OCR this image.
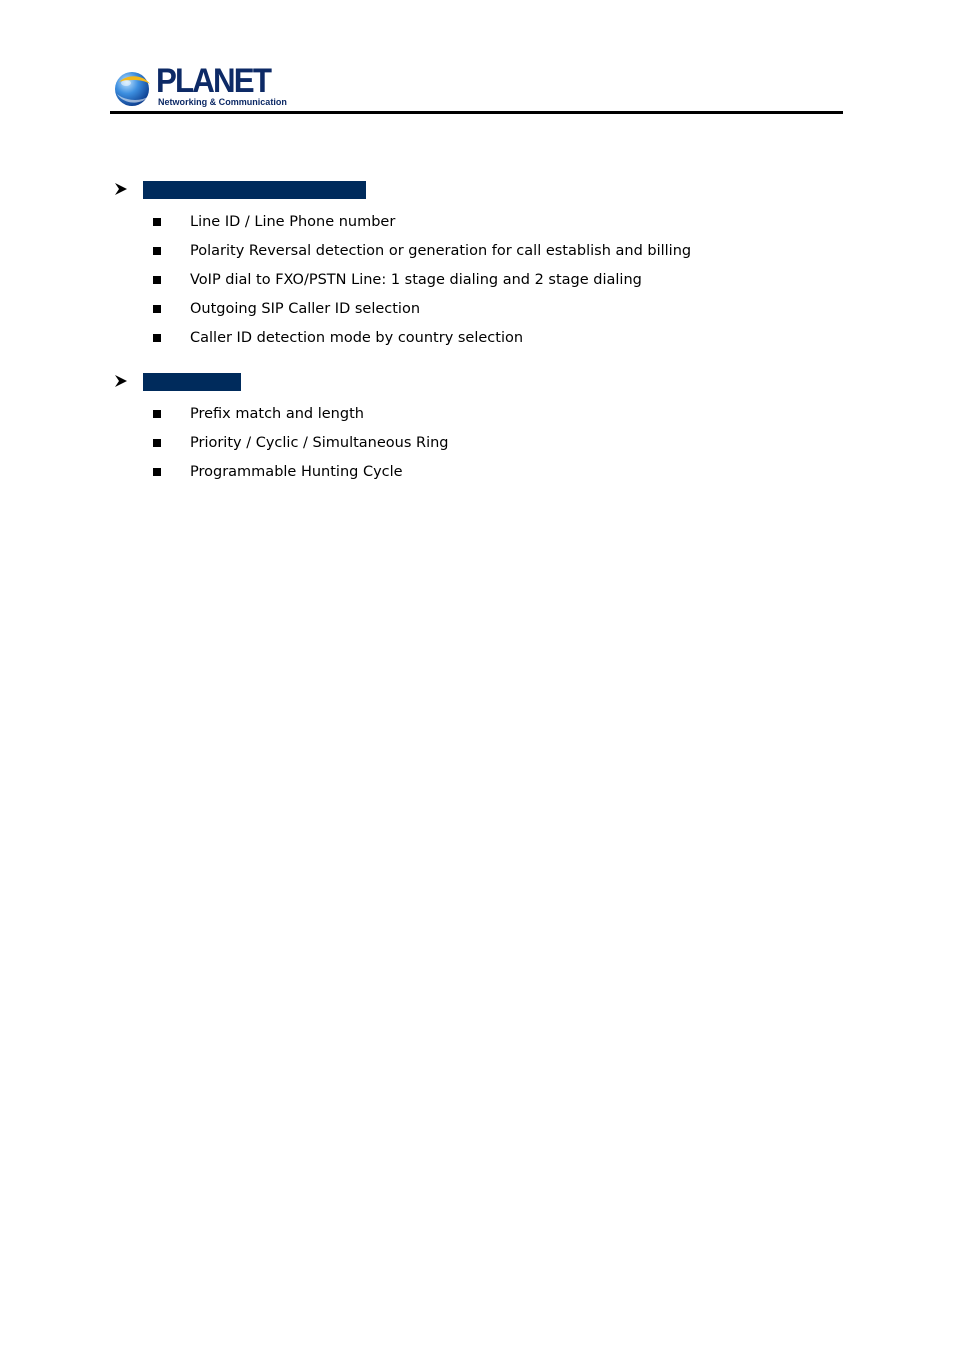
PLANET
Networking & Communication
Line ID / Line Phone number
Polarity Reversal detection or generation for call establish and billing
VoIP dial to FXO/PSTN Line: 1 stage dialing and 2 stage dialing
Outgoing SIP Caller ID selection
Caller ID detection mode by country selection
Prefix match and length
Priority / Cyclic / Simultaneous Ring
Programmable Hunting Cycle
